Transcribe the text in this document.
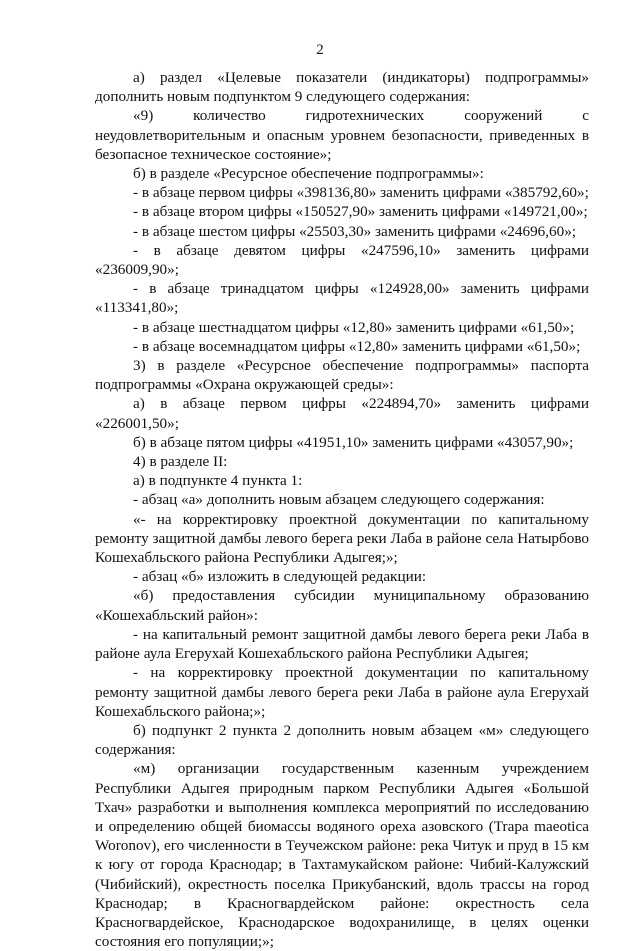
2

а) раздел «Целевые показатели (индикаторы) подпрограммы» дополнить новым подпунктом 9 следующего содержания:

«9) количество гидротехнических сооружений с неудовлетворительным и опасным уровнем безопасности, приведенных в безопасное техническое состояние»;

б) в разделе «Ресурсное обеспечение подпрограммы»:

- в абзаце первом цифры «398136,80» заменить цифрами «385792,60»;

- в абзаце втором цифры «150527,90» заменить цифрами «149721,00»;

- в абзаце шестом цифры «25503,30» заменить цифрами «24696,60»;

- в абзаце девятом цифры «247596,10» заменить цифрами «236009,90»;

- в абзаце тринадцатом цифры «124928,00» заменить цифрами «113341,80»;

- в абзаце шестнадцатом цифры «12,80» заменить цифрами «61,50»;

- в абзаце восемнадцатом цифры «12,80» заменить цифрами «61,50»;

3) в разделе «Ресурсное обеспечение подпрограммы» паспорта подпрограммы «Охрана окружающей среды»:

а) в абзаце первом цифры «224894,70» заменить цифрами «226001,50»;

б) в абзаце пятом цифры «41951,10» заменить цифрами «43057,90»;

4) в разделе II:

а) в подпункте 4 пункта 1:

- абзац «а» дополнить новым абзацем следующего содержания:

«- на корректировку проектной документации по капитальному ремонту защитной дамбы левого берега реки Лаба в районе села Натырбово Кошехабльского района Республики Адыгея;»;

- абзац «б» изложить в следующей редакции:

«б) предоставления субсидии муниципальному образованию «Кошехабльский район»:

- на капитальный ремонт защитной дамбы левого берега реки Лаба в районе аула Егерухай Кошехабльского района Республики Адыгея;

- на корректировку проектной документации по капитальному ремонту защитной дамбы левого берега реки Лаба в районе аула Егерухай Кошехабльского района;»;

б) подпункт 2 пункта 2 дополнить новым абзацем «м» следующего содержания:

«м) организации государственным казенным учреждением Республики Адыгея природным парком Республики Адыгея «Большой Тхач» разработки и выполнения комплекса мероприятий по исследованию и определению общей биомассы водяного ореха азовского (Trapa maeotica Woronov), его численности в Теучежском районе: река Читук и пруд в 15 км к югу от города Краснодар; в Тахтамукайском районе: Чибий-Калужский (Чибийский), окрестность поселка Прикубанский, вдоль трассы на город Краснодар; в Красногвардейском районе: окрестность села Красногвардейское, Краснодарское водохранилище, в целях оценки состояния его популяции;»;
